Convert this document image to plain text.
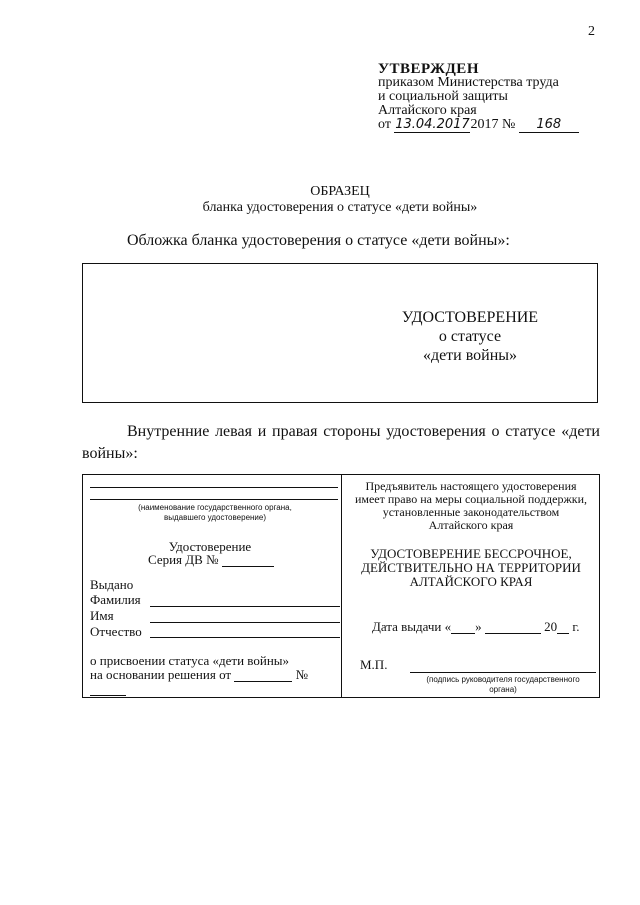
2
УТВЕРЖДЕН
приказом Министерства труда
и социальной защиты
Алтайского края
от 13.04.20172017 № 168
ОБРАЗЕЦ
бланка удостоверения о статусе «дети войны»
Обложка бланка удостоверения о статусе «дети войны»:
УДОСТОВЕРЕНИЕ
о статусе
«дети войны»
Внутренние левая и правая стороны удостоверения о статусе «дети войны»:
(наименование государственного органа,
выдавшего удостоверение)
Удостоверение
Серия ДВ №
Выдано
Фамилия
Имя
Отчество
о присвоении статуса «дети войны»
на основании решения от	№
Предъявитель настоящего удостоверения
имеет право на меры социальной поддержки,
установленные законодательством
Алтайского края
УДОСТОВЕРЕНИЕ БЕССРОЧНОЕ,
ДЕЙСТВИТЕЛЬНО НА ТЕРРИТОРИИ
АЛТАЙСКОГО КРАЯ
Дата выдачи « »	20 г.
М.П.
(подпись руководителя государственного
органа)
